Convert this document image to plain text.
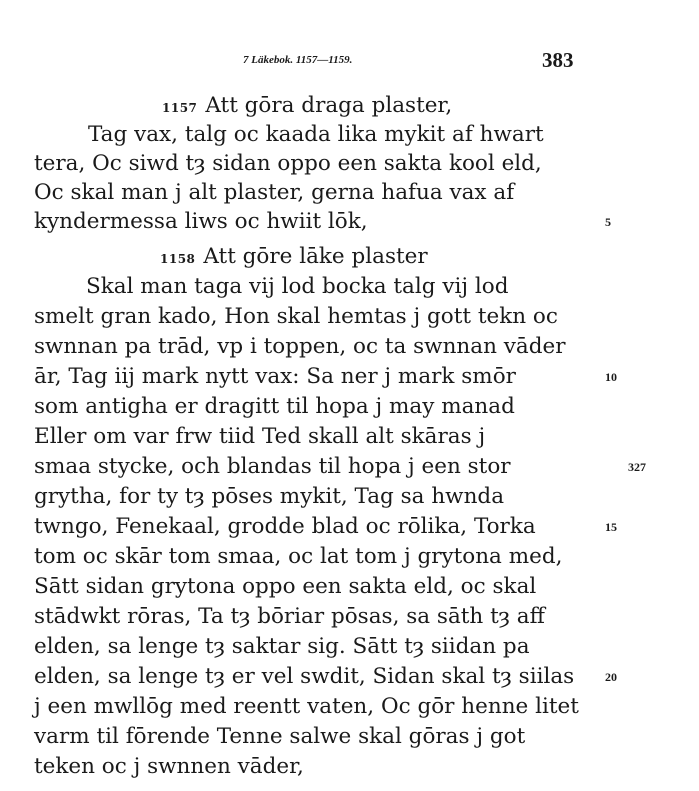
7 Läkebok. 1157—1159.	383
1157 Att gōra draga plaster,
Tag vax, talg oc kaada lika mykit af hwart
tera, Oc siwd tȝ sidan oppo een sakta kool eld,
Oc skal man j alt plaster, gerna hafua vax af
kyndermessa liws oc hwiit lōk,	5
1158 Att gōre lāke plaster
Skal man taga vij lod bocka talg vij lod
smelt gran kado, Hon skal hemtas j gott tekn oc
swnnan pa trād, vp i toppen, oc ta swnnan vāder
ār, Tag iij mark nytt vax: Sa ner j mark smōr	10
som antigha er dragitt til hopa j may manad
Eller om var frw tiid Ted skall alt skāras j
smaa stycke, och blandas til hopa j een stor	327
grytha, for ty tȝ pōses mykit, Tag sa hwnda
twngo, Fenekaal, grodde blad oc rōlika, Torka	15
tom oc skār tom smaa, oc lat tom j grytona med,
Sātt sidan grytona oppo een sakta eld, oc skal
stādwkt rōras, Ta tȝ bōriar pōsas, sa sāth tȝ aff
elden, sa lenge tȝ saktar sig. Sātt tȝ siidan pa
elden, sa lenge tȝ er vel swdit, Sidan skal tȝ siilas	20
j een mwllōg med reentt vaten, Oc gōr henne litet
varm til fōrende Tenne salwe skal gōras j got
teken oc j swnnen vāder,
